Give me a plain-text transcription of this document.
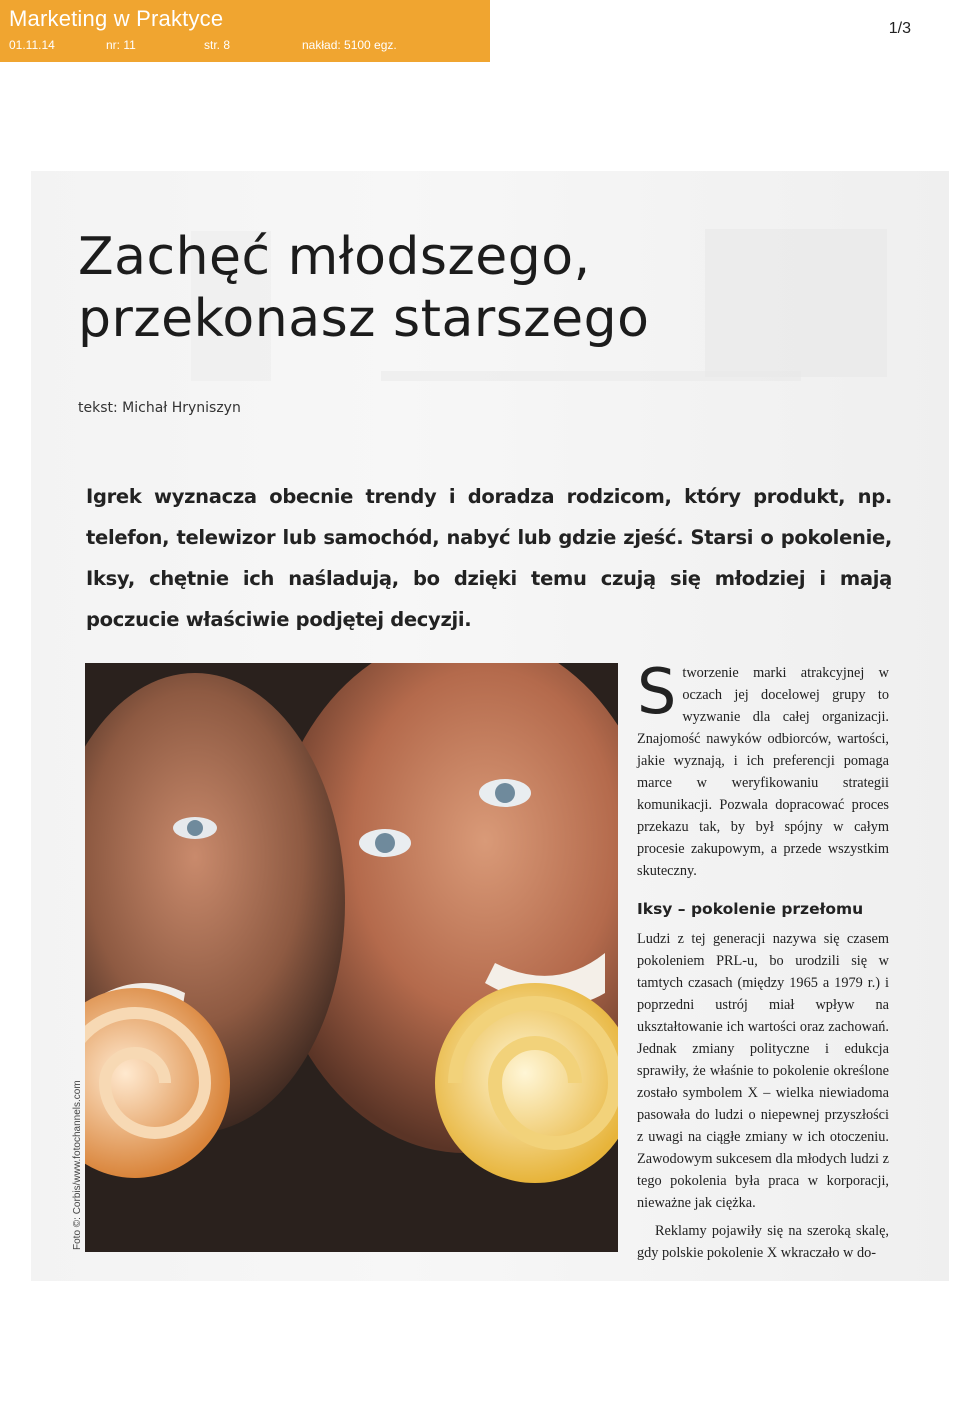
Marketing w Praktyce
01.11.14	nr: 11	str. 8	nakład: 5100 egz.
1/3
Zachęć młodszego,
przekonasz starszego
tekst: Michał Hryniszyn

Igrek wyznacza obecnie trendy i doradza rodzicom, który produkt, np. telefon, telewizor lub samochód, nabyć lub gdzie zjeść. Starsi o pokolenie, Iksy, chętnie ich naśladują, bo dzięki temu czują się młodziej i mają poczucie właściwie podjętej decyzji.

Foto ©: Corbis/www.fotochannels.com

Stworzenie marki atrakcyjnej w oczach jej docelowej grupy to wyzwanie dla całej organizacji. Znajomość nawyków odbiorców, wartości, jakie wyznają, i ich preferencji pomaga marce w weryfikowaniu strategii komunikacji. Pozwala dopracować proces przekazu tak, by był spójny w całym procesie zakupowym, a przede wszystkim skuteczny.

Iksy – pokolenie przełomu

Ludzi z tej generacji nazywa się czasem pokoleniem PRL-u, bo urodzili się w tamtych czasach (między 1965 a 1979 r.) i poprzedni ustrój miał wpływ na ukształtowanie ich wartości oraz zachowań. Jednak zmiany polityczne i edukcja sprawiły, że właśnie to pokolenie określone zostało symbolem X – wielka niewiadoma pasowała do ludzi o niepewnej przyszłości z uwagi na ciągłe zmiany w ich otoczeniu. Zawodowym sukcesem dla młodych ludzi z tego pokolenia była praca w korporacji, nieważne jak ciężka.

Reklamy pojawiły się na szeroką skalę, gdy polskie pokolenie X wkraczało w do-
